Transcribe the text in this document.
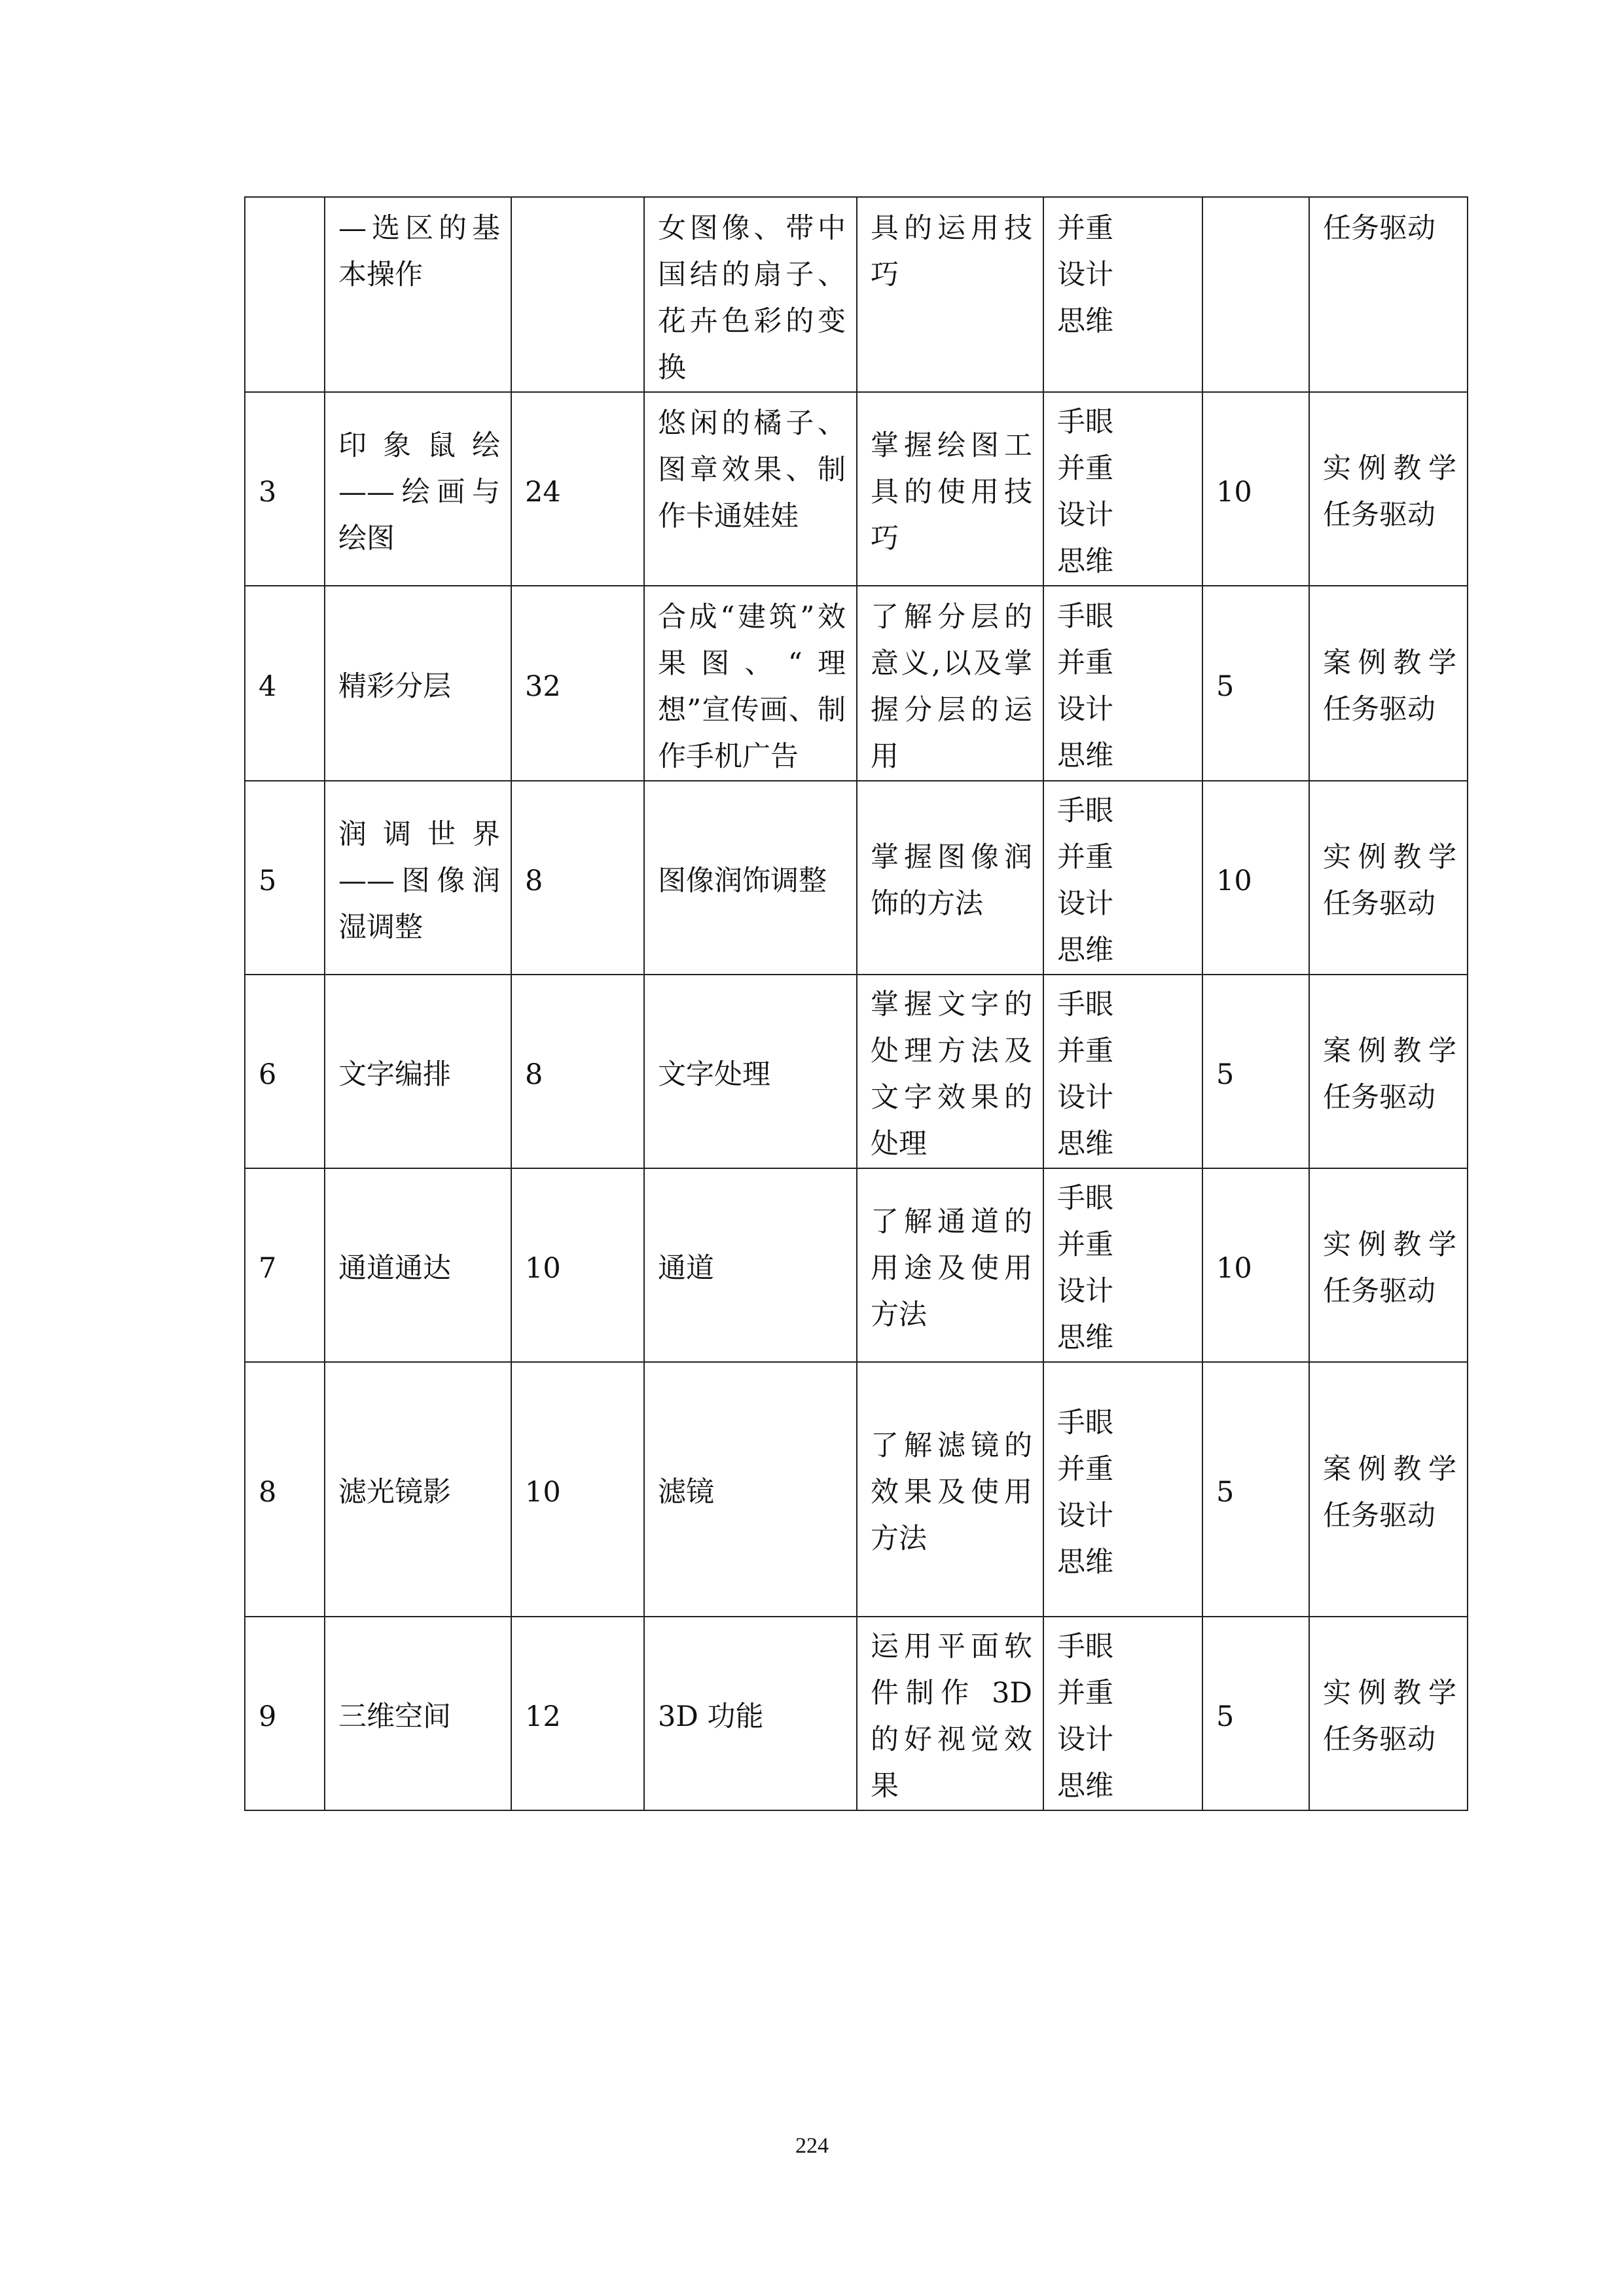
	—选区的基本操作		女图像、带中国结的扇子、花卉色彩的变换	具的运用技巧	并重
设计
思维		任务驱动

3	印象鼠绘——绘画与绘图	24	悠闲的橘子、图章效果、制作卡通娃娃	掌握绘图工具的使用技巧	手眼
并重
设计
思维	10	实例教学任务驱动

4	精彩分层	32	合成“建筑”效果图、“理想”宣传画、制作手机广告	了解分层的意义,以及掌握分层的运用	手眼
并重
设计
思维	5	案例教学任务驱动

5	润调世界——图像润湿调整	8	图像润饰调整	掌握图像润饰的方法	手眼
并重
设计
思维	10	实例教学任务驱动

6	文字编排	8	文字处理	掌握文字的处理方法及文字效果的处理	手眼
并重
设计
思维	5	案例教学任务驱动

7	通道通达	10	通道	了解通道的用途及使用方法	手眼
并重
设计
思维	10	实例教学任务驱动

8	滤光镜影	10	滤镜	了解滤镜的效果及使用方法	手眼
并重
设计
思维	5	案例教学任务驱动

9	三维空间	12	3D 功能	运用平面软件制作 3D 的好视觉效果	手眼
并重
设计
思维	5	实例教学任务驱动
224
